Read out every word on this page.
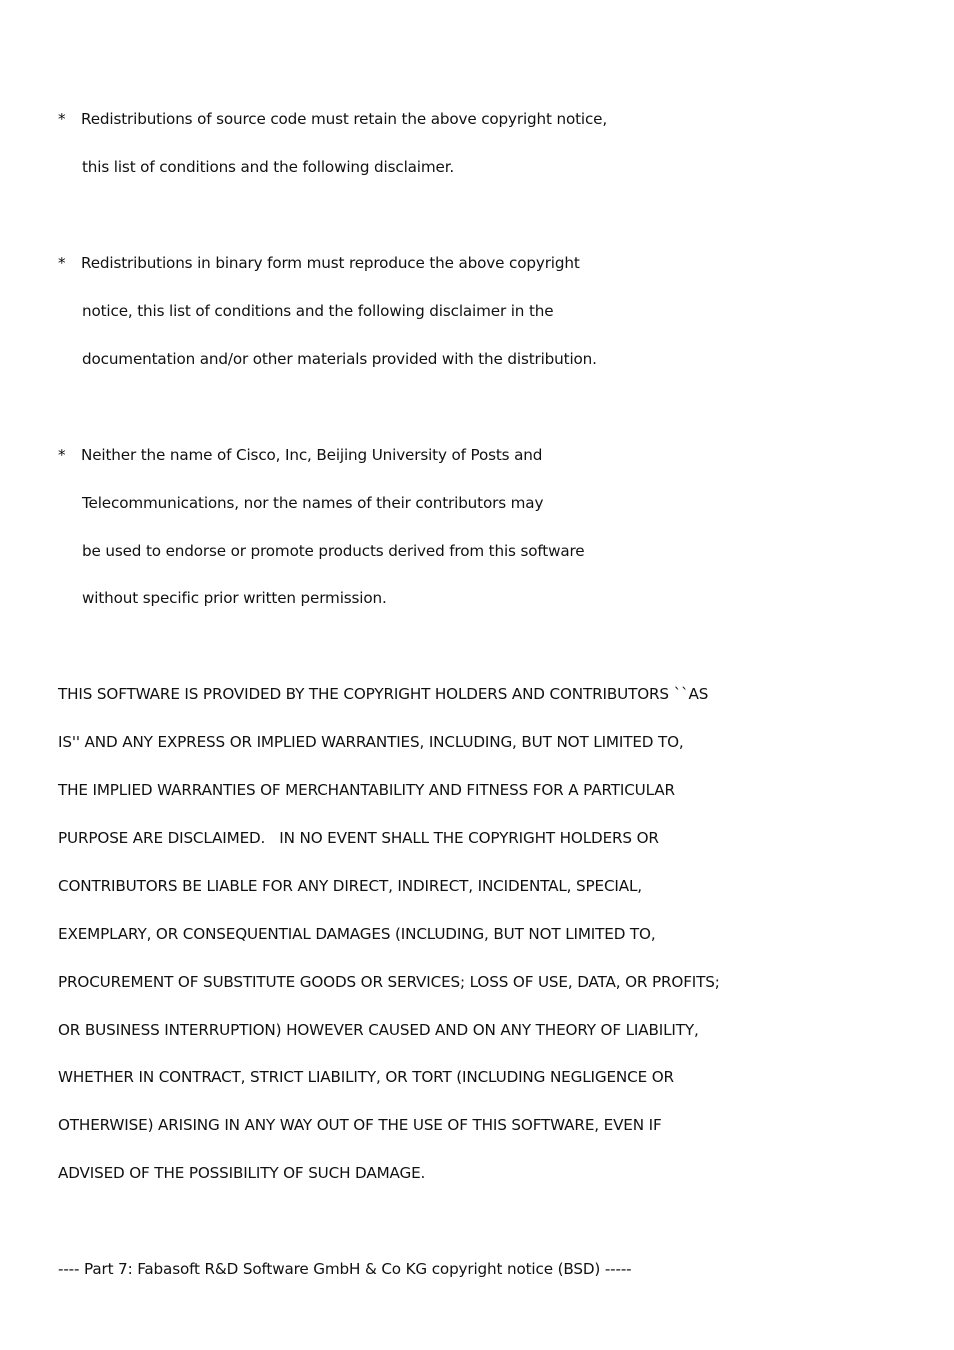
* Redistributions of source code must retain the above copyright notice,
this list of conditions and the following disclaimer.
* Redistributions in binary form must reproduce the above copyright
notice, this list of conditions and the following disclaimer in the
documentation and/or other materials provided with the distribution.
* Neither the name of Cisco, Inc, Beijing University of Posts and
Telecommunications, nor the names of their contributors may
be used to endorse or promote products derived from this software
without specific prior written permission.
THIS SOFTWARE IS PROVIDED BY THE COPYRIGHT HOLDERS AND CONTRIBUTORS ``AS
IS'' AND ANY EXPRESS OR IMPLIED WARRANTIES, INCLUDING, BUT NOT LIMITED TO,
THE IMPLIED WARRANTIES OF MERCHANTABILITY AND FITNESS FOR A PARTICULAR
PURPOSE ARE DISCLAIMED.   IN NO EVENT SHALL THE COPYRIGHT HOLDERS OR
CONTRIBUTORS BE LIABLE FOR ANY DIRECT, INDIRECT, INCIDENTAL, SPECIAL,
EXEMPLARY, OR CONSEQUENTIAL DAMAGES (INCLUDING, BUT NOT LIMITED TO,
PROCUREMENT OF SUBSTITUTE GOODS OR SERVICES; LOSS OF USE, DATA, OR PROFITS;
OR BUSINESS INTERRUPTION) HOWEVER CAUSED AND ON ANY THEORY OF LIABILITY,
WHETHER IN CONTRACT, STRICT LIABILITY, OR TORT (INCLUDING NEGLIGENCE OR
OTHERWISE) ARISING IN ANY WAY OUT OF THE USE OF THIS SOFTWARE, EVEN IF
ADVISED OF THE POSSIBILITY OF SUCH DAMAGE.
---- Part 7: Fabasoft R&D Software GmbH & Co KG copyright notice (BSD) -----
